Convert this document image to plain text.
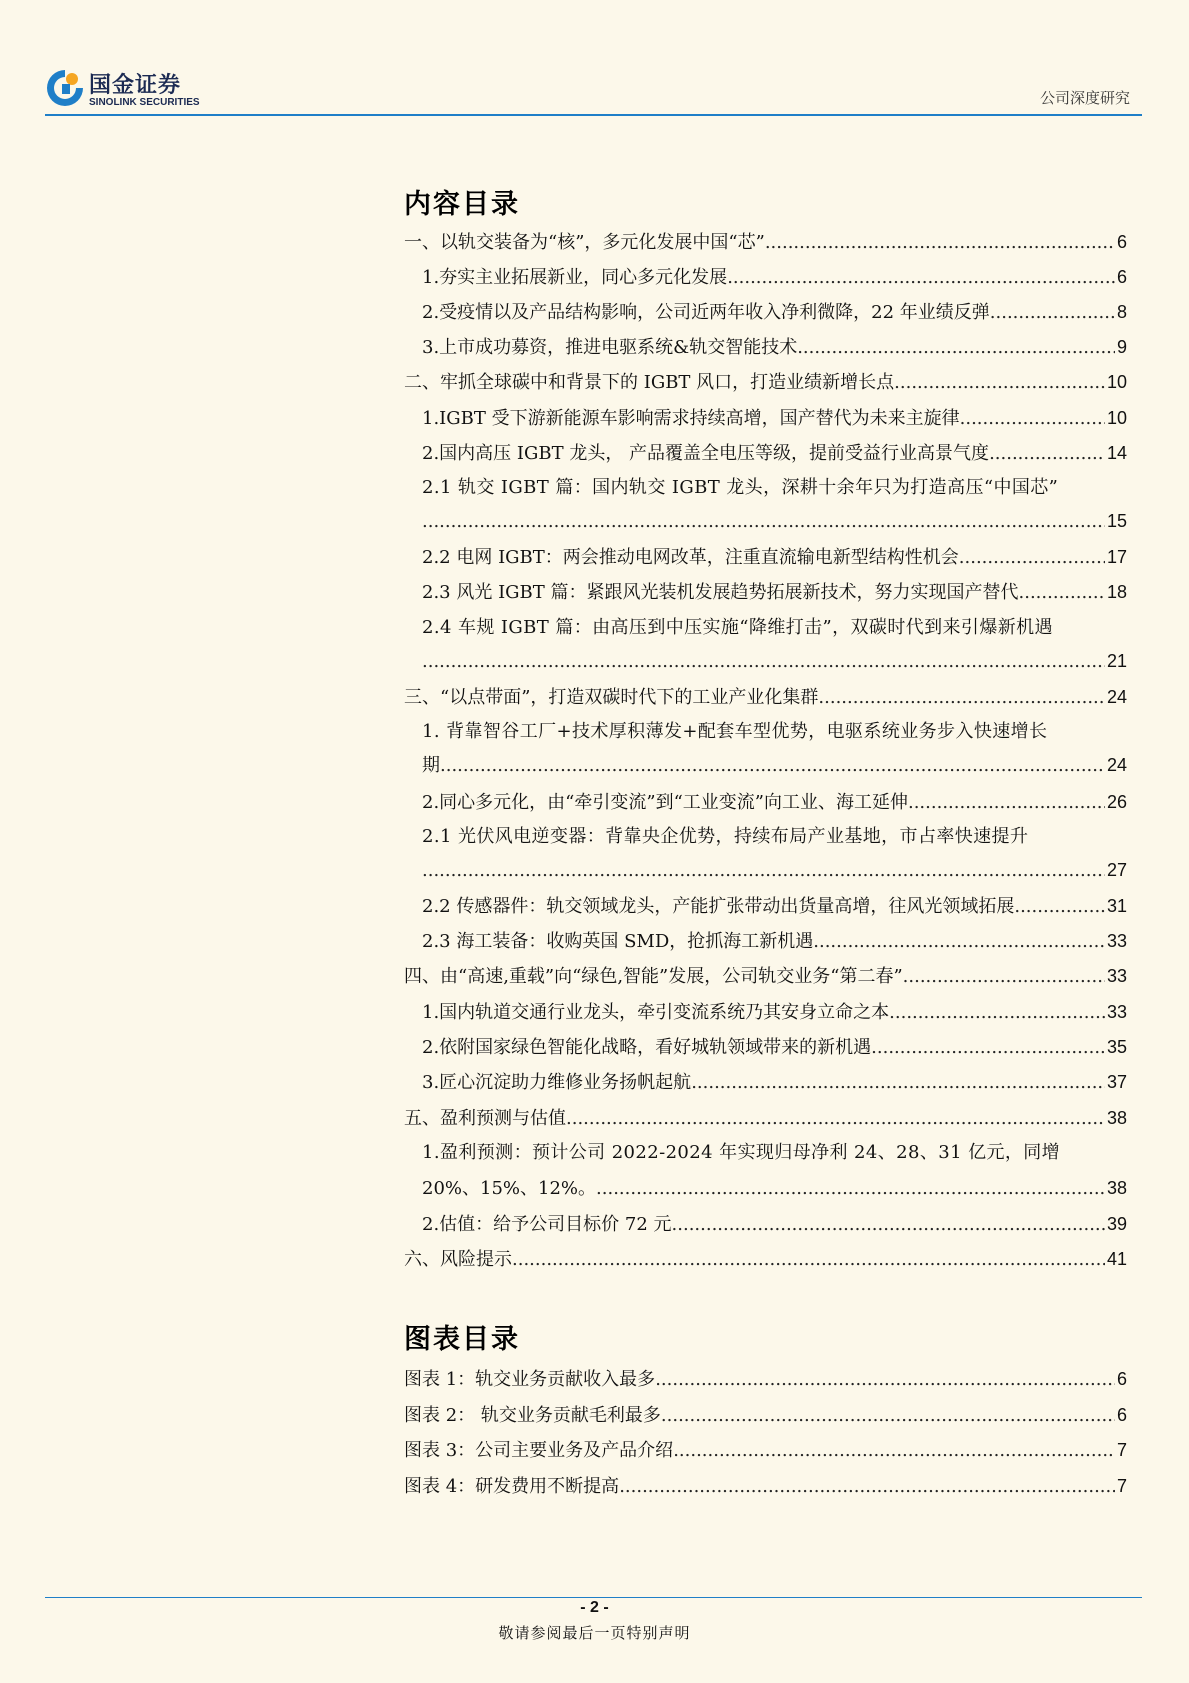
国金证券
SINOLINK SECURITIES	公司深度研究
内容目录
一、以轨交装备为“核”，多元化发展中国“芯” .....	6
1.夯实主业拓展新业，同心多元化发展 .....	6
2.受疫情以及产品结构影响，公司近两年收入净利微降，22 年业绩反弹 .....	8
3.上市成功募资，推进电驱系统&轨交智能技术 .....	9
二、牢抓全球碳中和背景下的 IGBT 风口，打造业绩新增长点 .....	10
1.IGBT 受下游新能源车影响需求持续高增，国产替代为未来主旋律 .....	10
2.国内高压 IGBT 龙头， 产品覆盖全电压等级，提前受益行业高景气度 .....	14
2.1 轨交 IGBT 篇：国内轨交 IGBT 龙头，深耕十余年只为打造高压“中国芯”
.....
15
2.2 电网 IGBT：两会推动电网改革，注重直流输电新型结构性机会 .....	17
2.3 风光 IGBT 篇：紧跟风光装机发展趋势拓展新技术，努力实现国产替代 .....	18
2.4 车规 IGBT 篇：由高压到中压实施“降维打击”，双碳时代到来引爆新机遇
.....
21
三、“以点带面”，打造双碳时代下的工业产业化集群 .....	24
1. 背靠智谷工厂+技术厚积薄发+配套车型优势，电驱系统业务步入快速增长
期 .....	24
2.同心多元化，由“牵引变流”到“工业变流”向工业、海工延伸 .....	26
2.1 光伏风电逆变器：背靠央企优势，持续布局产业基地，市占率快速提升
.....
27
2.2 传感器件：轨交领域龙头，产能扩张带动出货量高增，往风光领域拓展 .....	31
2.3 海工装备：收购英国 SMD，抢抓海工新机遇 .....	33
四、由“高速,重载”向“绿色,智能”发展，公司轨交业务“第二春” .....	33
1.国内轨道交通行业龙头，牵引变流系统乃其安身立命之本 .....	33
2.依附国家绿色智能化战略，看好城轨领域带来的新机遇 .....	35
3.匠心沉淀助力维修业务扬帆起航 .....	37
五、盈利预测与估值 .....	38
1.盈利预测：预计公司 2022-2024 年实现归母净利 24、28、31 亿元，同增
20%、15%、12%。 .....	38
2.估值：给予公司目标价 72 元 .....	39
六、风险提示 .....	41
图表目录
图表 1：轨交业务贡献收入最多 .....	6
图表 2： 轨交业务贡献毛利最多 .....	6
图表 3：公司主要业务及产品介绍 .....	7
图表 4：研发费用不断提高 .....	7
- 2 -
敬请参阅最后一页特别声明
